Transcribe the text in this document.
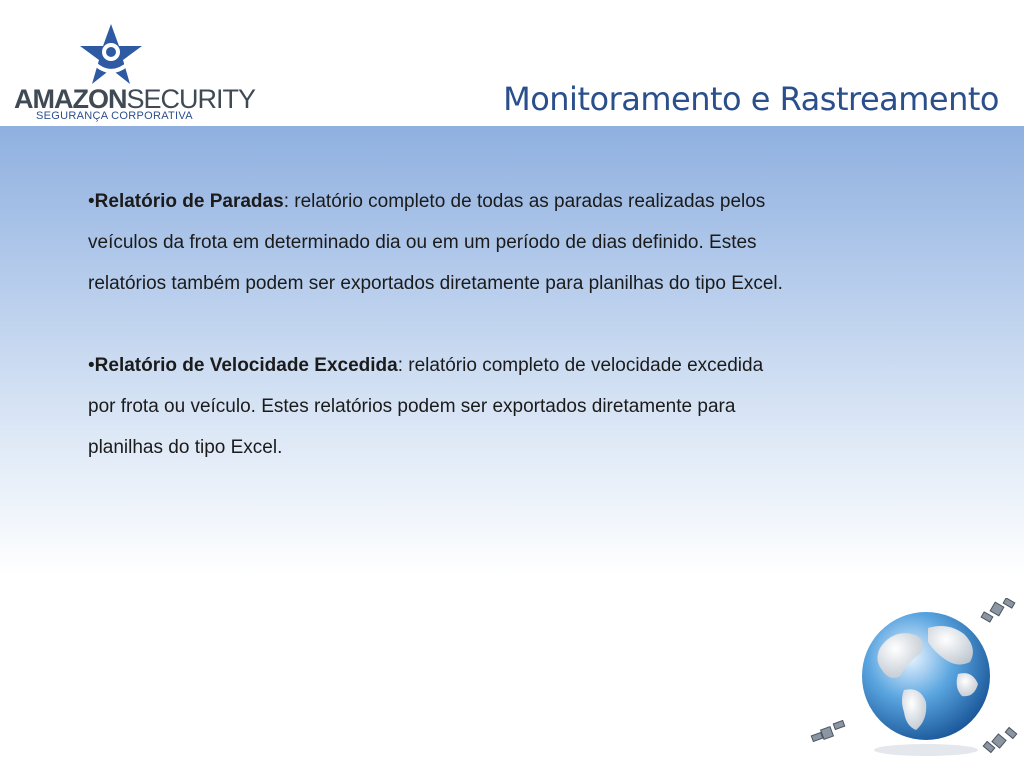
AMAZONSECURITY
SEGURANÇA CORPORATIVA	Monitoramento e Rastreamento

•Relatório de Paradas: relatório completo de todas as paradas realizadas pelos veículos da frota em determinado dia ou em um período de dias definido. Estes relatórios também podem ser exportados diretamente para planilhas do tipo Excel.

•Relatório de Velocidade Excedida: relatório completo de velocidade excedida por frota ou veículo. Estes relatórios podem ser exportados diretamente para planilhas do tipo Excel.
